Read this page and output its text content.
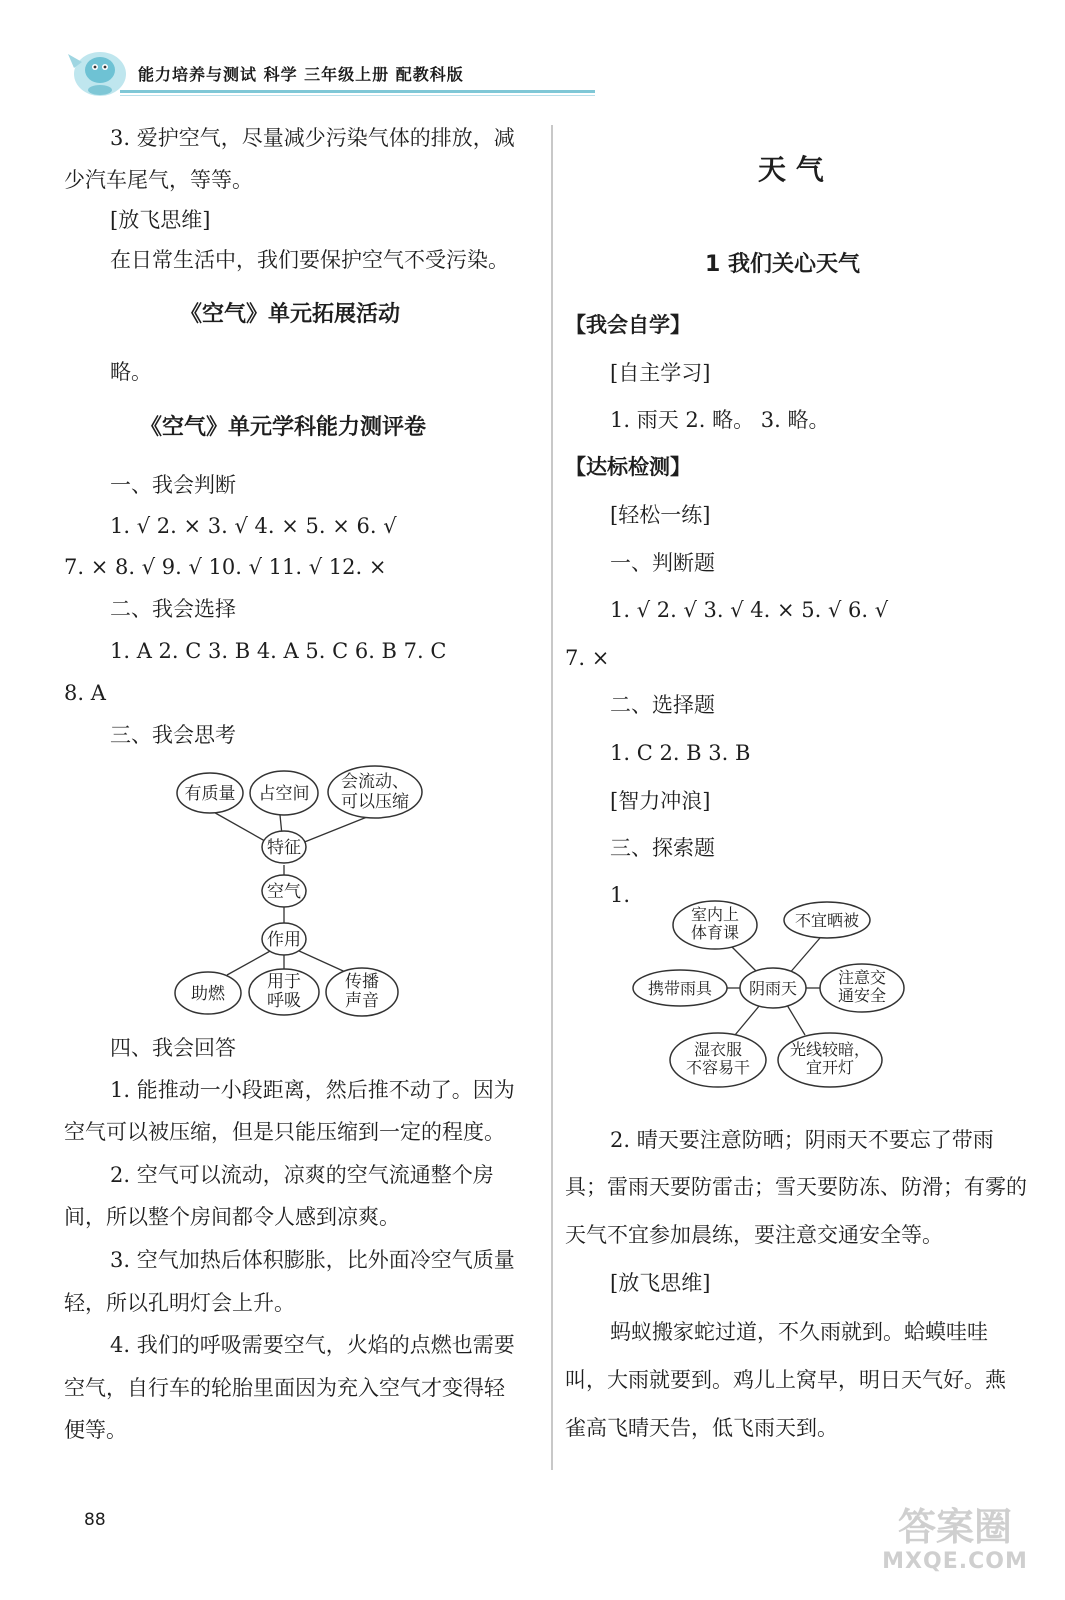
能力培养与测试 科学 三年级上册 配教科版
3. 爱护空气，尽量减少污染气体的排放，减
少汽车尾气，等等。
[放飞思维]
在日常生活中，我们要保护空气不受污染。
《空气》单元拓展活动
略。
《空气》单元学科能力测评卷
一、我会判断
1. √ 2. × 3. √ 4. × 5. × 6. √
7. × 8. √ 9. √ 10. √ 11. √ 12. ×
二、我会选择
1. A 2. C 3. B 4. A 5. C 6. B 7. C
8. A
三、我会思考
有质量 占空间
会流动、
可以压缩
特征
空气
作用
助燃
用于
呼吸
传播
声音
四、我会回答
1. 能推动一小段距离，然后推不动了。因为
空气可以被压缩，但是只能压缩到一定的程度。
2. 空气可以流动，凉爽的空气流通整个房
间，所以整个房间都令人感到凉爽。
3. 空气加热后体积膨胀，比外面冷空气质量
轻，所以孔明灯会上升。
4. 我们的呼吸需要空气，火焰的点燃也需要
空气，自行车的轮胎里面因为充入空气才变得轻
便等。
天 气
1 我们关心天气
【我会自学】
[自主学习]
1. 雨天 2. 略。 3. 略。
【达标检测】
[轻松一练]
一、判断题
1. √ 2. √ 3. √ 4. × 5. √ 6. √
7. ×
二、选择题
1. C 2. B 3. B
[智力冲浪]
三、探索题
1.
室内上
体育课
不宜晒被
阴雨天
携带雨具
注意交
通安全
湿衣服
不容易干
光线较暗，
宜开灯
2. 晴天要注意防晒；阴雨天不要忘了带雨
具；雷雨天要防雷击；雪天要防冻、防滑；有雾的
天气不宜参加晨练，要注意交通安全等。
[放飞思维]
蚂蚁搬家蛇过道，不久雨就到。蛤蟆哇哇
叫，大雨就要到。鸡儿上窝早，明日天气好。燕
雀高飞晴天告，低飞雨天到。
88	答案圈
MXQE.COM
